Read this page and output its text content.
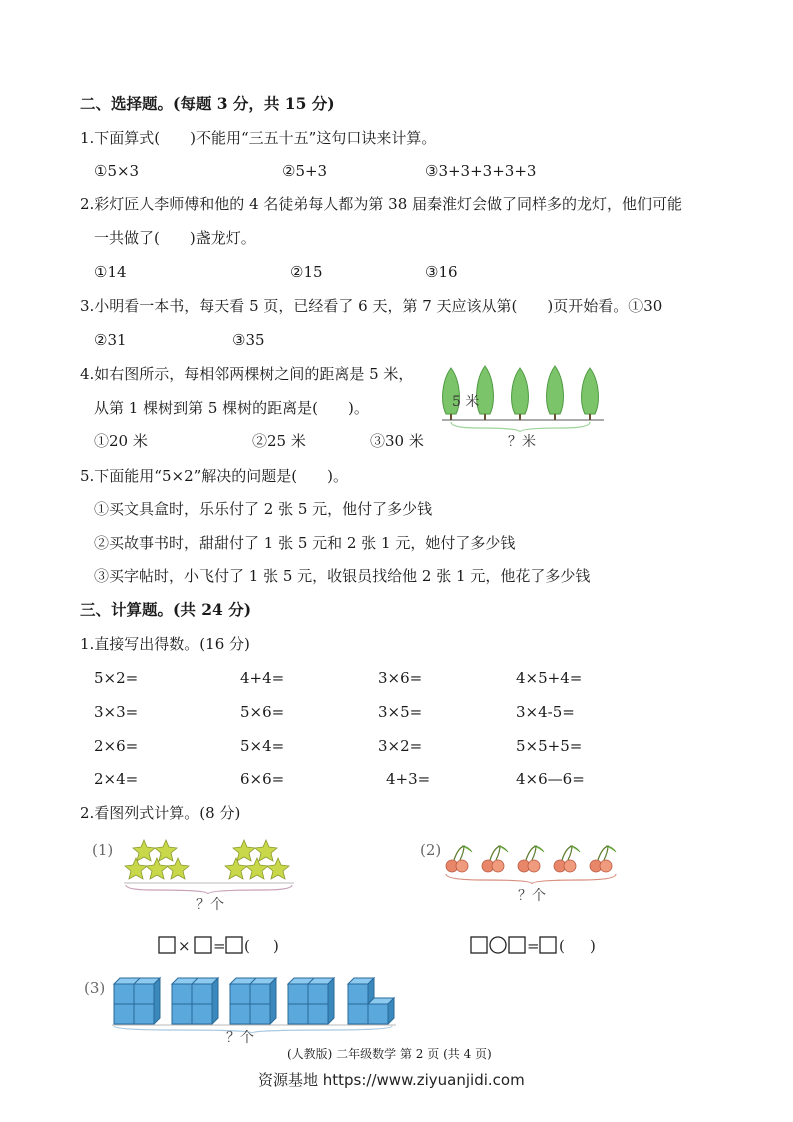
二、选择题。(每题 3 分，共 15 分)
1.下面算式(　　)不能用“三五十五”这句口诀来计算。
①5×3	②5+3	③3+3+3+3+3
2.彩灯匠人李师傅和他的 4 名徒弟每人都为第 38 届秦淮灯会做了同样多的龙灯，他们可能
一共做了(　　)盏龙灯。
①14	②15	③16
3.小明看一本书，每天看 5 页，已经看了 6 天，第 7 天应该从第(　　)页开始看。①30
②31	③35
4.如右图所示，每相邻两棵树之间的距离是 5 米，
从第 1 棵树到第 5 棵树的距离是(　　)。
①20 米	②25 米	③30 米
5 米
？米
5.下面能用“5×2”解决的问题是(　　)。
①买文具盒时，乐乐付了 2 张 5 元，他付了多少钱
②买故事书时，甜甜付了 1 张 5 元和 2 张 1 元，她付了多少钱
③买字帖时，小飞付了 1 张 5 元，收银员找给他 2 张 1 元，他花了多少钱
三、计算题。(共 24 分)
1.直接写出得数。(16 分)
5×2=	4+4=	3×6=	4×5+4=
3×3=	5×6=	3×5=	3×4-5=
2×6=	5×4=	3×2=	5×5+5=
2×4=	6×6=	4+3=	4×6—6=
2.看图列式计算。(8 分)
(1)
？个
× = ( )
(2)
？个
= ( )
(3)
？个
(人教版) 二年级数学 第 2 页 (共 4 页)
资源基地 https://www.ziyuanjidi.com
